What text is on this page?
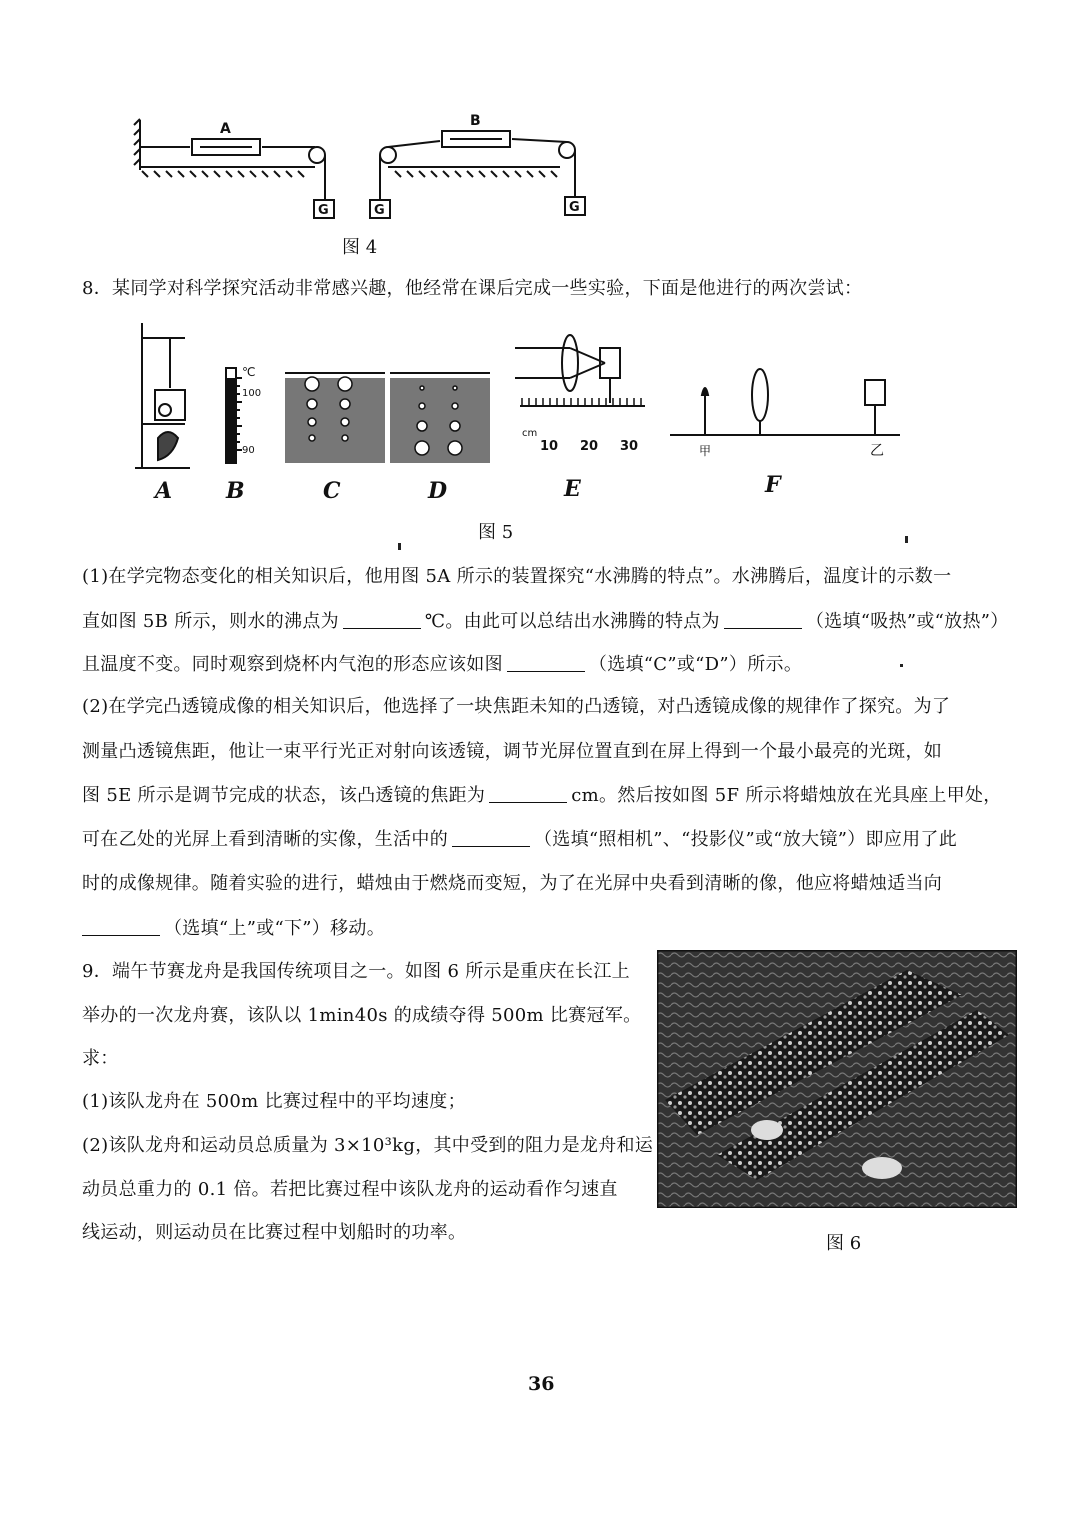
A	B
G	G	G
图 4
8．某同学对科学探究活动非常感兴趣，他经常在课后完成一些实验，下面是他进行的两次尝试：
℃
100
90
cm
10 20 30	甲	乙
A B	C	D	E	F
图 5
(1)在学完物态变化的相关知识后，他用图 5A 所示的装置探究“水沸腾的特点”。水沸腾后，温度计的示数一
直如图 5B 所示，则水的沸点为	℃。由此可以总结出水沸腾的特点为	（选填“吸热”或“放热”）
且温度不变。同时观察到烧杯内气泡的形态应该如图	（选填“C”或“D”）所示。
(2)在学完凸透镜成像的相关知识后，他选择了一块焦距未知的凸透镜，对凸透镜成像的规律作了探究。为了
测量凸透镜焦距，他让一束平行光正对射向该透镜，调节光屏位置直到在屏上得到一个最小最亮的光斑，如
图 5E 所示是调节完成的状态，该凸透镜的焦距为	cm。然后按如图 5F 所示将蜡烛放在光具座上甲处，
可在乙处的光屏上看到清晰的实像，生活中的	（选填“照相机”、“投影仪”或“放大镜”）即应用了此
时的成像规律。随着实验的进行，蜡烛由于燃烧而变短，为了在光屏中央看到清晰的像，他应将蜡烛适当向
（选填“上”或“下”）移动。
9．端午节赛龙舟是我国传统项目之一。如图 6 所示是重庆在长江上
举办的一次龙舟赛，该队以 1min40s 的成绩夺得 500m 比赛冠军。
求：
(1)该队龙舟在 500m 比赛过程中的平均速度；
(2)该队龙舟和运动员总质量为 3×10³kg，其中受到的阻力是龙舟和运
动员总重力的 0.1 倍。若把比赛过程中该队龙舟的运动看作匀速直
线运动，则运动员在比赛过程中划船时的功率。
图 6
36
